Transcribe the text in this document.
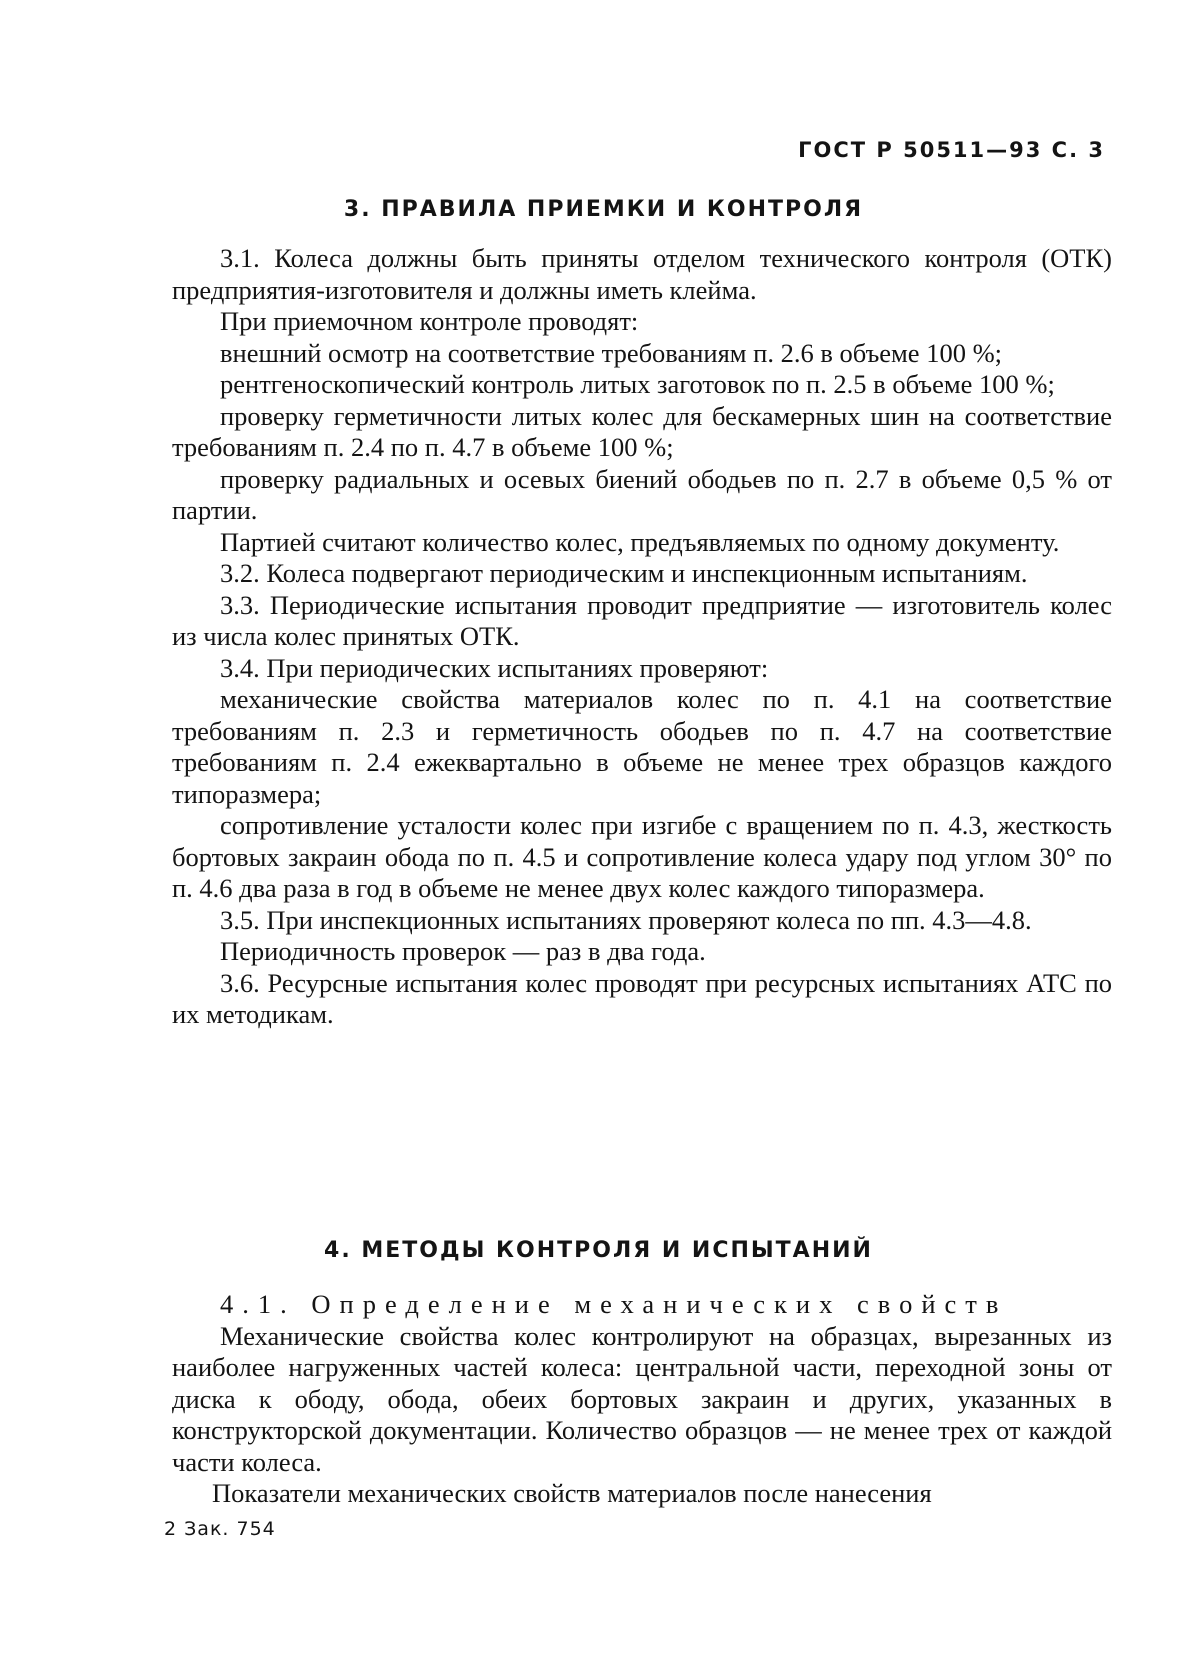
ГОСТ Р 50511—93 С. 3
3. ПРАВИЛА ПРИЕМКИ И КОНТРОЛЯ

3.1. Колеса должны быть приняты отделом технического контроля (ОТК) предприятия-изготовителя и должны иметь клейма.

При приемочном контроле проводят:

внешний осмотр на соответствие требованиям п. 2.6 в объеме 100 %;

рентгеноскопический контроль литых заготовок по п. 2.5 в объеме 100 %;

проверку герметичности литых колес для бескамерных шин на соответствие требованиям п. 2.4 по п. 4.7 в объеме 100 %;

проверку радиальных и осевых биений ободьев по п. 2.7 в объеме 0,5 % от партии.

Партией считают количество колес, предъявляемых по одному документу.

3.2. Колеса подвергают периодическим и инспекционным испытаниям.

3.3. Периодические испытания проводит предприятие — изготовитель колес из числа колес принятых ОТК.

3.4. При периодических испытаниях проверяют:

механические свойства материалов колес по п. 4.1 на соответствие требованиям п. 2.3 и герметичность ободьев по п. 4.7 на соответствие требованиям п. 2.4 ежеквартально в объеме не менее трех образцов каждого типоразмера;

сопротивление усталости колес при изгибе с вращением по п. 4.3, жесткость бортовых закраин обода по п. 4.5 и сопротивление колеса удару под углом 30° по п. 4.6 два раза в год в объеме не менее двух колес каждого типоразмера.

3.5. При инспекционных испытаниях проверяют колеса по пп. 4.3—4.8.

Периодичность проверок — раз в два года.

3.6. Ресурсные испытания колес проводят при ресурсных испытаниях АТС по их методикам.

4. МЕТОДЫ КОНТРОЛЯ И ИСПЫТАНИЙ

4.1. Определение механических свойств

Механические свойства колес контролируют на образцах, вырезанных из наиболее нагруженных частей колеса: центральной части, переходной зоны от диска к ободу, обода, обеих бортовых закраин и других, указанных в конструкторской документации. Количество образцов — не менее трех от каждой части колеса.

Показатели механических свойств материалов после нанесения

2 Зак. 754
